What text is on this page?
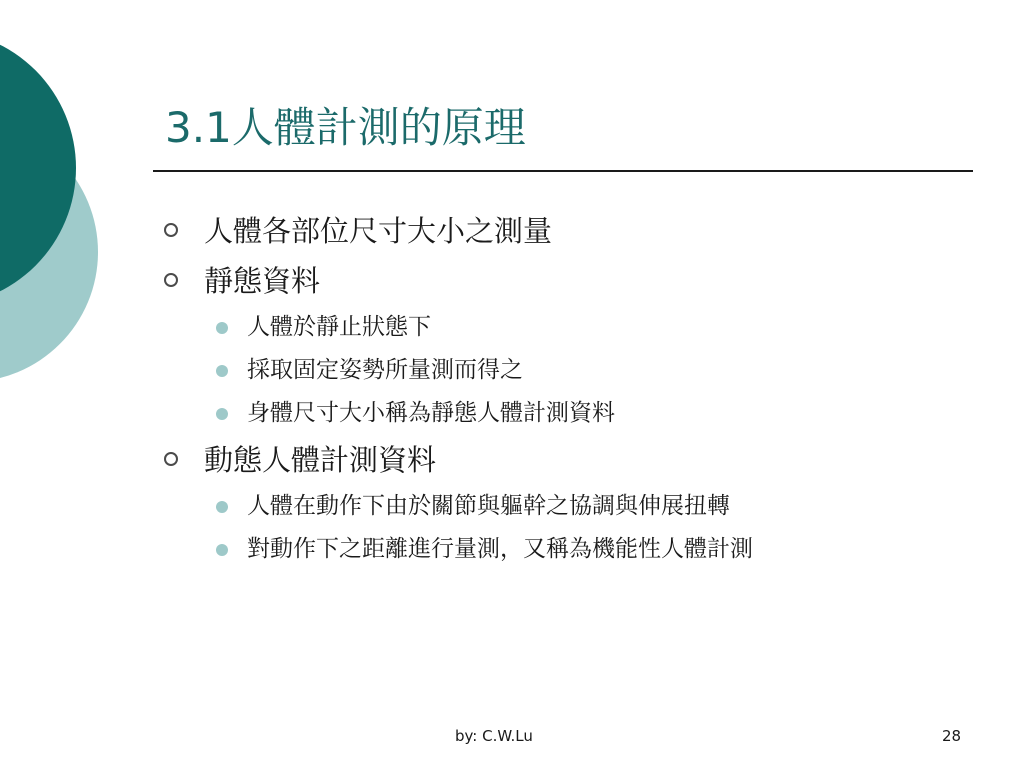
3.1人體計測的原理
人體各部位尺寸大小之測量
靜態資料
人體於靜止狀態下
採取固定姿勢所量測而得之
身體尺寸大小稱為靜態人體計測資料
動態人體計測資料
人體在動作下由於關節與軀幹之協調與伸展扭轉
對動作下之距離進行量測，又稱為機能性人體計測
by: C.W.Lu	28
